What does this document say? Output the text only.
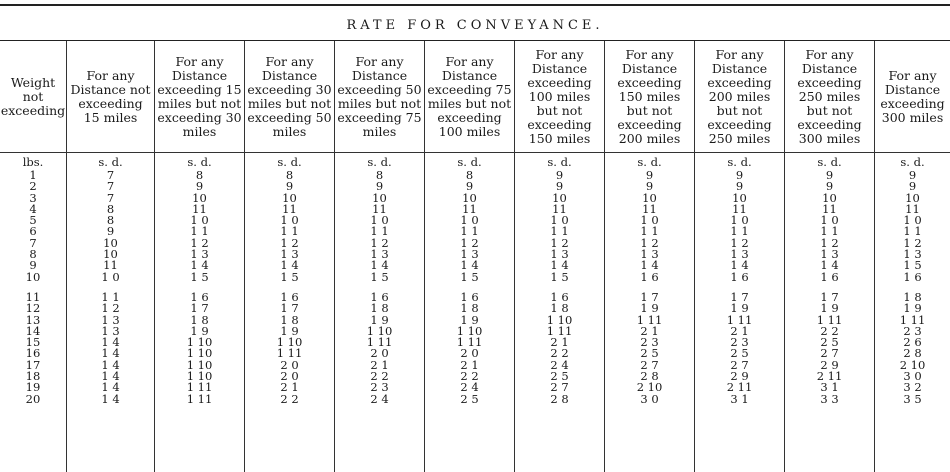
RATE FOR CONVEYANCE.
Weight not exceeding
For any Distance not exceeding 15 miles
For any Distance exceeding 15 miles but not exceeding 30 miles
For any Distance exceeding 30 miles but not exceeding 50 miles
For any Distance exceeding 50 miles but not exceeding 75 miles
For any Distance exceeding 75 miles but not exceeding 100 miles
For any Distance exceeding 100 miles but not exceeding 150 miles
For any Distance exceeding 150 miles but not exceeding 200 miles
For any Distance exceeding 200 miles but not exceeding 250 miles
For any Distance exceeding 250 miles but not exceeding 300 miles
For any Distance exceeding 300 miles
lbs.
1
2
3
4
5
6
7
8
9
10
11
12
13
14
15
16
17
18
19
20
s. d.
7
7
7
8
8
9
10
10
11
1 0
1 1
1 2
1 3
1 3
1 4
1 4
1 4
1 4
1 4
1 4
s. d.
8
9
10
11
1 0
1 1
1 2
1 3
1 4
1 5
1 6
1 7
1 8
1 9
1 10
1 10
1 10
1 10
1 11
1 11
s. d.
8
9
10
11
1 0
1 1
1 2
1 3
1 4
1 5
1 6
1 7
1 8
1 9
1 10
1 11
2 0
2 0
2 1
2 2
s. d.
8
9
10
11
1 0
1 1
1 2
1 3
1 4
1 5
1 6
1 8
1 9
1 10
1 11
2 0
2 1
2 2
2 3
2 4
s. d.
8
9
10
11
1 0
1 1
1 2
1 3
1 4
1 5
1 6
1 8
1 9
1 10
1 11
2 0
2 1
2 2
2 4
2 5
s. d.
9
9
10
11
1 0
1 1
1 2
1 3
1 4
1 5
1 6
1 8
1 10
1 11
2 1
2 2
2 4
2 5
2 7
2 8
s. d.
9
9
10
11
1 0
1 1
1 2
1 3
1 4
1 6
1 7
1 9
1 11
2 1
2 3
2 5
2 7
2 8
2 10
3 0
s. d.
9
9
10
11
1 0
1 1
1 2
1 3
1 4
1 6
1 7
1 9
1 11
2 1
2 3
2 5
2 7
2 9
2 11
3 1
s. d.
9
9
10
11
1 0
1 1
1 2
1 3
1 4
1 6
1 7
1 9
1 11
2 2
2 5
2 7
2 9
2 11
3 1
3 3
s. d.
9
9
10
11
1 0
1 1
1 2
1 3
1 5
1 6
1 8
1 9
1 11
2 3
2 6
2 8
2 10
3 0
3 2
3 5
